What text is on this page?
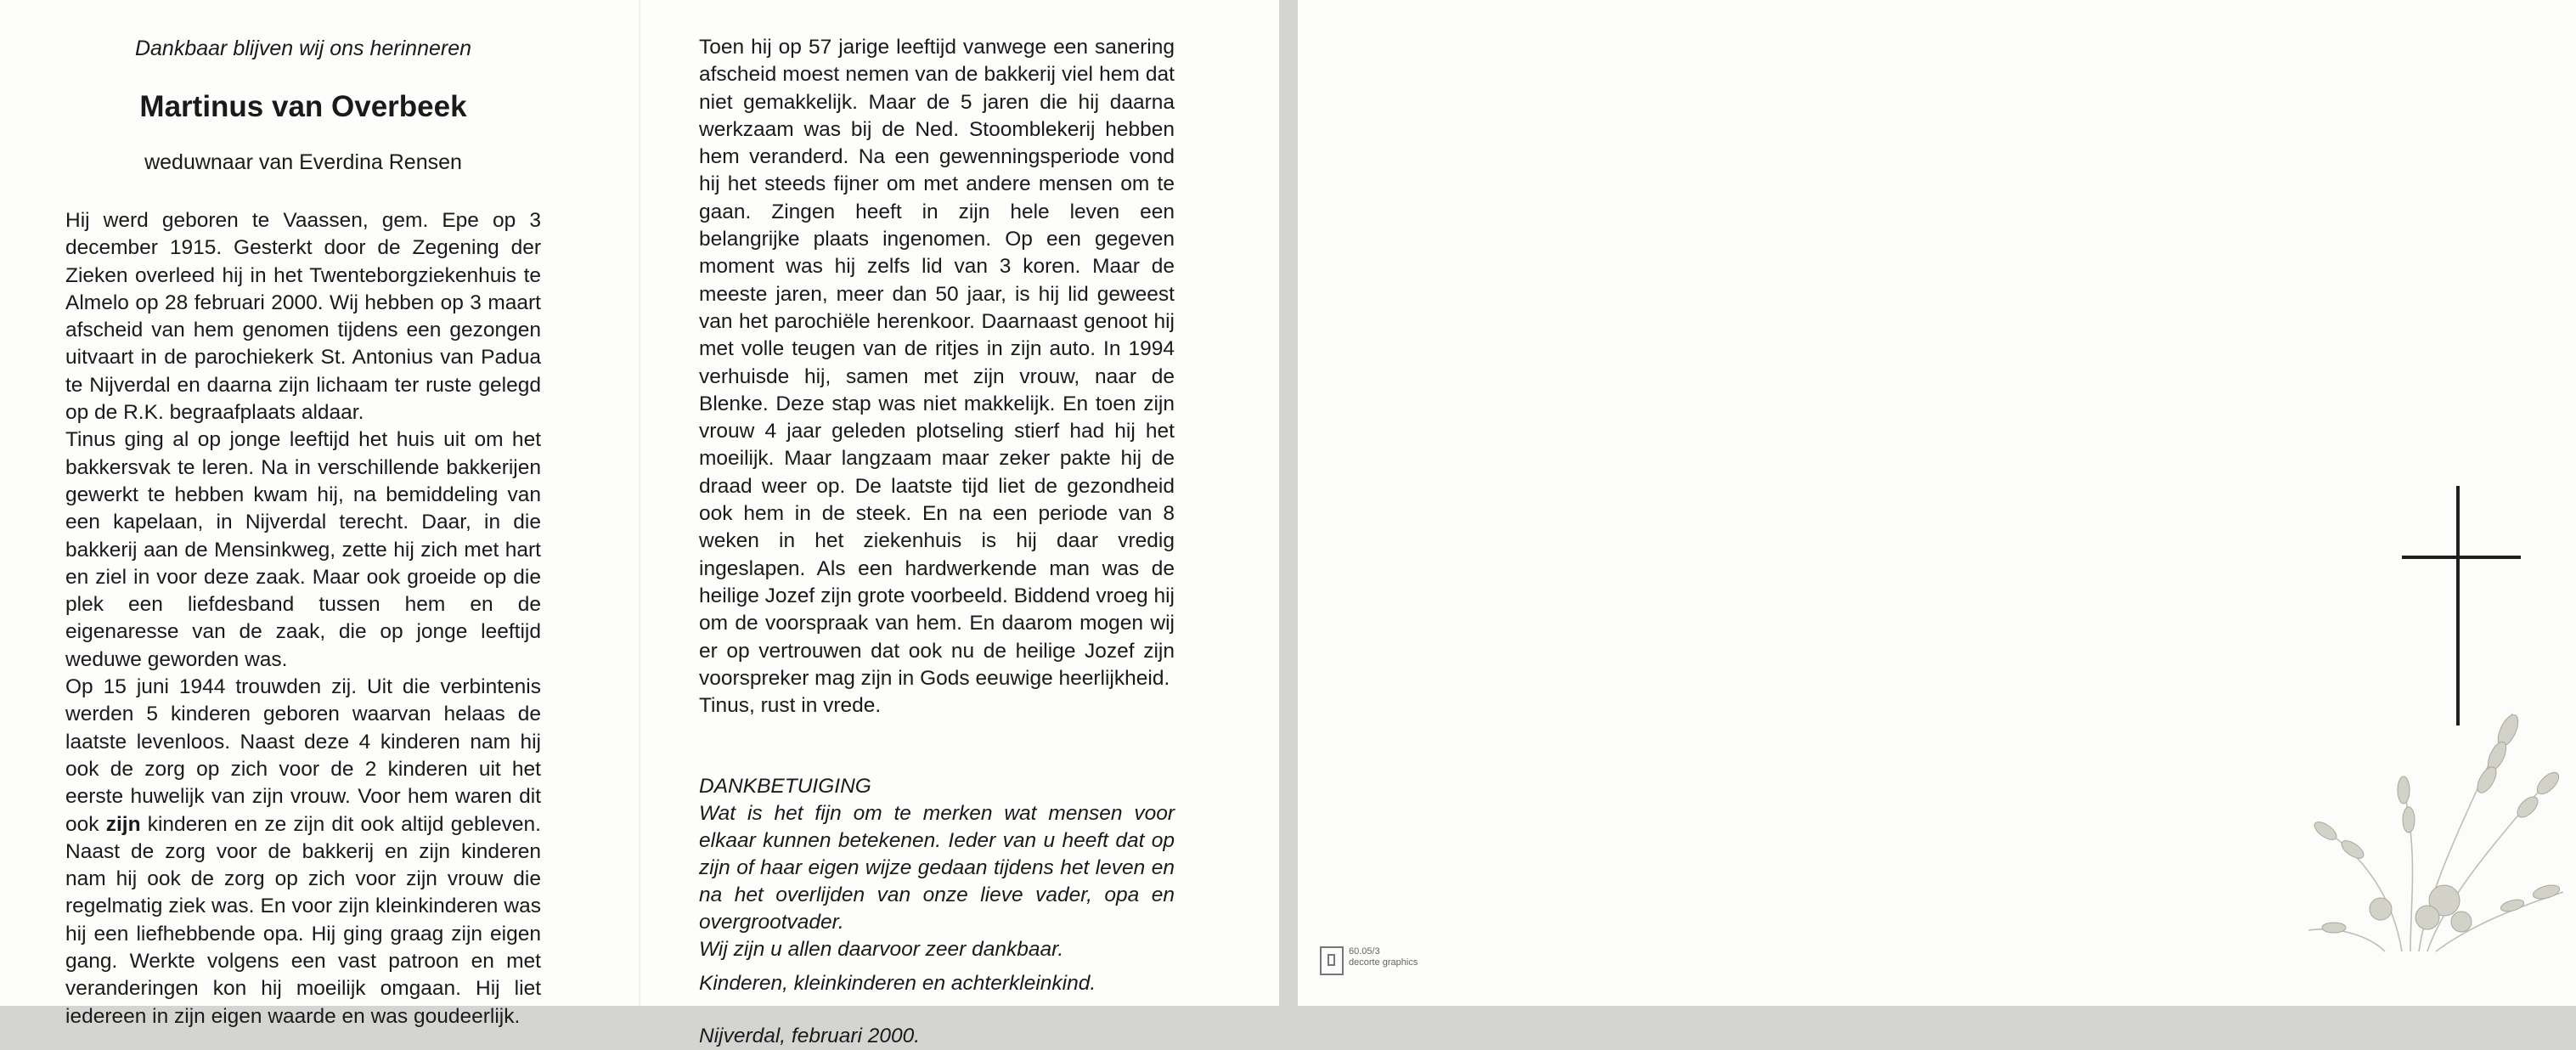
Dankbaar blijven wij ons herinneren

Martinus van Overbeek

weduwnaar van Everdina Rensen

Hij werd geboren te Vaassen, gem. Epe op 3 december 1915. Gesterkt door de Zegening der Zieken overleed hij in het Twenteborgziekenhuis te Almelo op 28 februari 2000. Wij hebben op 3 maart afscheid van hem genomen tijdens een gezongen uitvaart in de parochiekerk St. Antonius van Padua te Nijverdal en daarna zijn lichaam ter ruste gelegd op de R.K. begraafplaats aldaar.

Tinus ging al op jonge leeftijd het huis uit om het bakkersvak te leren. Na in verschillende bakkerijen gewerkt te hebben kwam hij, na bemiddeling van een kapelaan, in Nijverdal terecht. Daar, in die bakkerij aan de Mensinkweg, zette hij zich met hart en ziel in voor deze zaak. Maar ook groeide op die plek een liefdesband tussen hem en de eigenaresse van de zaak, die op jonge leeftijd weduwe geworden was.

Op 15 juni 1944 trouwden zij. Uit die verbintenis werden 5 kinderen geboren waarvan helaas de laatste levenloos. Naast deze 4 kinderen nam hij ook de zorg op zich voor de 2 kinderen uit het eerste huwelijk van zijn vrouw. Voor hem waren dit ook zijn kinderen en ze zijn dit ook altijd gebleven. Naast de zorg voor de bakkerij en zijn kinderen nam hij ook de zorg op zich voor zijn vrouw die regelmatig ziek was. En voor zijn kleinkinderen was hij een liefhebbende opa. Hij ging graag zijn eigen gang. Werkte volgens een vast patroon en met veranderingen kon hij moeilijk omgaan. Hij liet iedereen in zijn eigen waarde en was goudeerlijk.

Toen hij op 57 jarige leeftijd vanwege een sanering afscheid moest nemen van de bakkerij viel hem dat niet gemakkelijk. Maar de 5 jaren die hij daarna werkzaam was bij de Ned. Stoomblekerij hebben hem veranderd. Na een gewenningsperiode vond hij het steeds fijner om met andere mensen om te gaan. Zingen heeft in zijn hele leven een belangrijke plaats ingenomen. Op een gegeven moment was hij zelfs lid van 3 koren. Maar de meeste jaren, meer dan 50 jaar, is hij lid geweest van het parochiële herenkoor. Daarnaast genoot hij met volle teugen van de ritjes in zijn auto. In 1994 verhuisde hij, samen met zijn vrouw, naar de Blenke. Deze stap was niet makkelijk. En toen zijn vrouw 4 jaar geleden plotseling stierf had hij het moeilijk. Maar langzaam maar zeker pakte hij de draad weer op. De laatste tijd liet de gezondheid ook hem in de steek. En na een periode van 8 weken in het ziekenhuis is hij daar vredig ingeslapen. Als een hardwerkende man was de heilige Jozef zijn grote voorbeeld. Biddend vroeg hij om de voorspraak van hem. En daarom mogen wij er op vertrouwen dat ook nu de heilige Jozef zijn voorspreker mag zijn in Gods eeuwige heerlijkheid.

Tinus, rust in vrede.

DANKBETUIGING

Wat is het fijn om te merken wat mensen voor elkaar kunnen betekenen. Ieder van u heeft dat op zijn of haar eigen wijze gedaan tijdens het leven en na het overlijden van onze lieve vader, opa en overgrootvader.

Wij zijn u allen daarvoor zeer dankbaar.

Kinderen, kleinkinderen en achterkleinkind.

Nijverdal, februari 2000.

60.05/3
decorte graphics
